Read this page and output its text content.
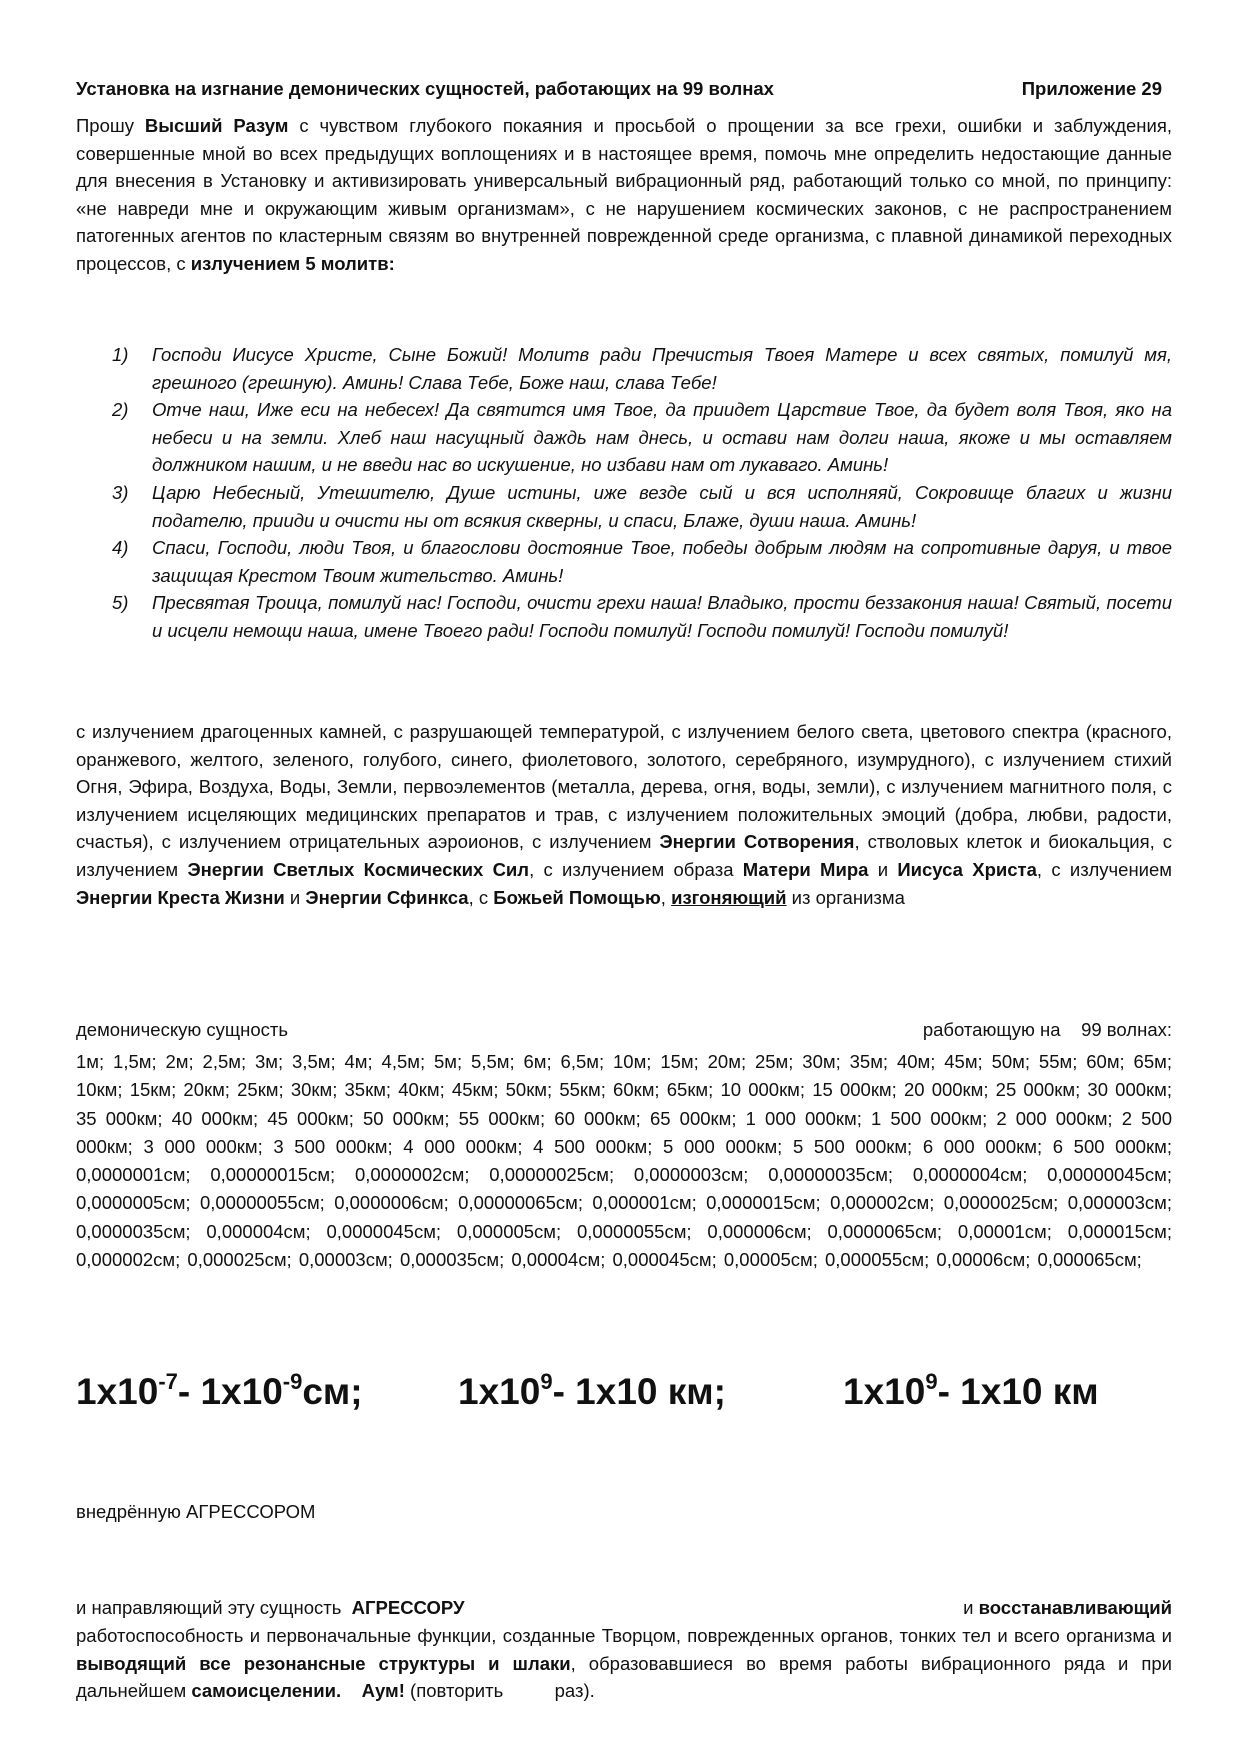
Установка на изгнание демонических сущностей, работающих на 99 волнах	Приложение 29
Прошу Высший Разум с чувством глубокого покаяния и просьбой о прощении за все грехи, ошибки и заблуждения, совершенные мной во всех предыдущих воплощениях и в настоящее время, помочь мне определить недостающие данные для внесения в Установку и активизировать универсальный вибрационный ряд, работающий только со мной, по принципу: «не навреди мне и окружающим живым организмам», с не нарушением космических законов, с не распространением патогенных агентов по кластерным связям во внутренней поврежденной среде организма, с плавной динамикой переходных процессов, с излучением 5 молитв:
1) Господи Иисусе Христе, Сыне Божий! Молитв ради Пречистыя Твоея Матере и всех святых, помилуй мя, грешного (грешную). Аминь! Слава Тебе, Боже наш, слава Тебе!
2) Отче наш, Иже еси на небесех! Да святится имя Твое, да приидет Царствие Твое, да будет воля Твоя, яко на небеси и на земли. Хлеб наш насущный даждь нам днесь, и остави нам долги наша, якоже и мы оставляем должником нашим, и не введи нас во искушение, но избави нам от лукаваго. Аминь!
3) Царю Небесный, Утешителю, Душе истины, иже везде сый и вся исполняяй, Сокровище благих и жизни подателю, прииди и очисти ны от всякия скверны, и спаси, Блаже, души наша. Аминь!
4) Спаси, Господи, люди Твоя, и благослови достояние Твое, победы добрым людям на сопротивные даруя, и твое защищая Крестом Твоим жительство. Аминь!
5) Пресвятая Троица, помилуй нас! Господи, очисти грехи наша! Владыко, прости беззакония наша! Святый, посети и исцели немощи наша, имене Твоего ради! Господи помилуй! Господи помилуй! Господи помилуй!
с излучением драгоценных камней, с разрушающей температурой, с излучением белого света, цветового спектра (красного, оранжевого, желтого, зеленого, голубого, синего, фиолетового, золотого, серебряного, изумрудного), с излучением стихий Огня, Эфира, Воздуха, Воды, Земли, первоэлементов (металла, дерева, огня, воды, земли), с излучением магнитного поля, с излучением исцеляющих медицинских препаратов и трав, с излучением положительных эмоций (добра, любви, радости, счастья), с излучением отрицательных аэроионов, с излучением Энергии Сотворения, стволовых клеток и биокальция, с излучением Энергии Светлых Космических Сил, с излучением образа Матери Мира и Иисуса Христа, с излучением Энергии Креста Жизни и Энергии Сфинкса, с Божьей Помощью, изгоняющий из организма
демоническую сущность	работающую на    99 волнах:
1м; 1,5м; 2м; 2,5м; 3м; 3,5м; 4м; 4,5м; 5м; 5,5м; 6м; 6,5м; 10м; 15м; 20м; 25м; 30м; 35м; 40м; 45м; 50м; 55м; 60м; 65м; 10км; 15км; 20км; 25км; 30км; 35км; 40км; 45км; 50км; 55км; 60км; 65км; 10 000км; 15 000км; 20 000км; 25 000км; 30 000км; 35 000км; 40 000км; 45 000км; 50 000км; 55 000км; 60 000км; 65 000км; 1 000 000км; 1 500 000км; 2 000 000км; 2 500 000км; 3 000 000км; 3 500 000км; 4 000 000км; 4 500 000км; 5 000 000км; 5 500 000км; 6 000 000км; 6 500 000км; 0,0000001см; 0,00000015см; 0,0000002см; 0,00000025см; 0,0000003см; 0,00000035см; 0,0000004см; 0,00000045см; 0,0000005см; 0,00000055см; 0,0000006см; 0,00000065см; 0,000001см; 0,0000015см; 0,000002см; 0,0000025см; 0,000003см; 0,0000035см; 0,000004см; 0,0000045см; 0,000005см; 0,0000055см; 0,000006см; 0,0000065см; 0,00001см; 0,000015см; 0,000002см; 0,000025см; 0,00003см; 0,000035см; 0,00004см; 0,000045см; 0,00005см; 0,000055см; 0,00006см; 0,000065см;
$1х10^{-7}-$ $1х10^{-9}см$;	$1х10^9-$ 1х10 км;	$1х10^9-$ 1х10 км
внедрённую АГРЕССОРОМ
и направляющий эту сущность  АГРЕССОРУ	и восстанавливающий
работоспособность и первоначальные функции, созданные Творцом, поврежденных органов, тонких тел и всего организма и выводящий все резонансные структуры и шлаки, образовавшиеся во время работы вибрационного ряда и при дальнейшем самоисцелении. Аум! (повторить          раз).
